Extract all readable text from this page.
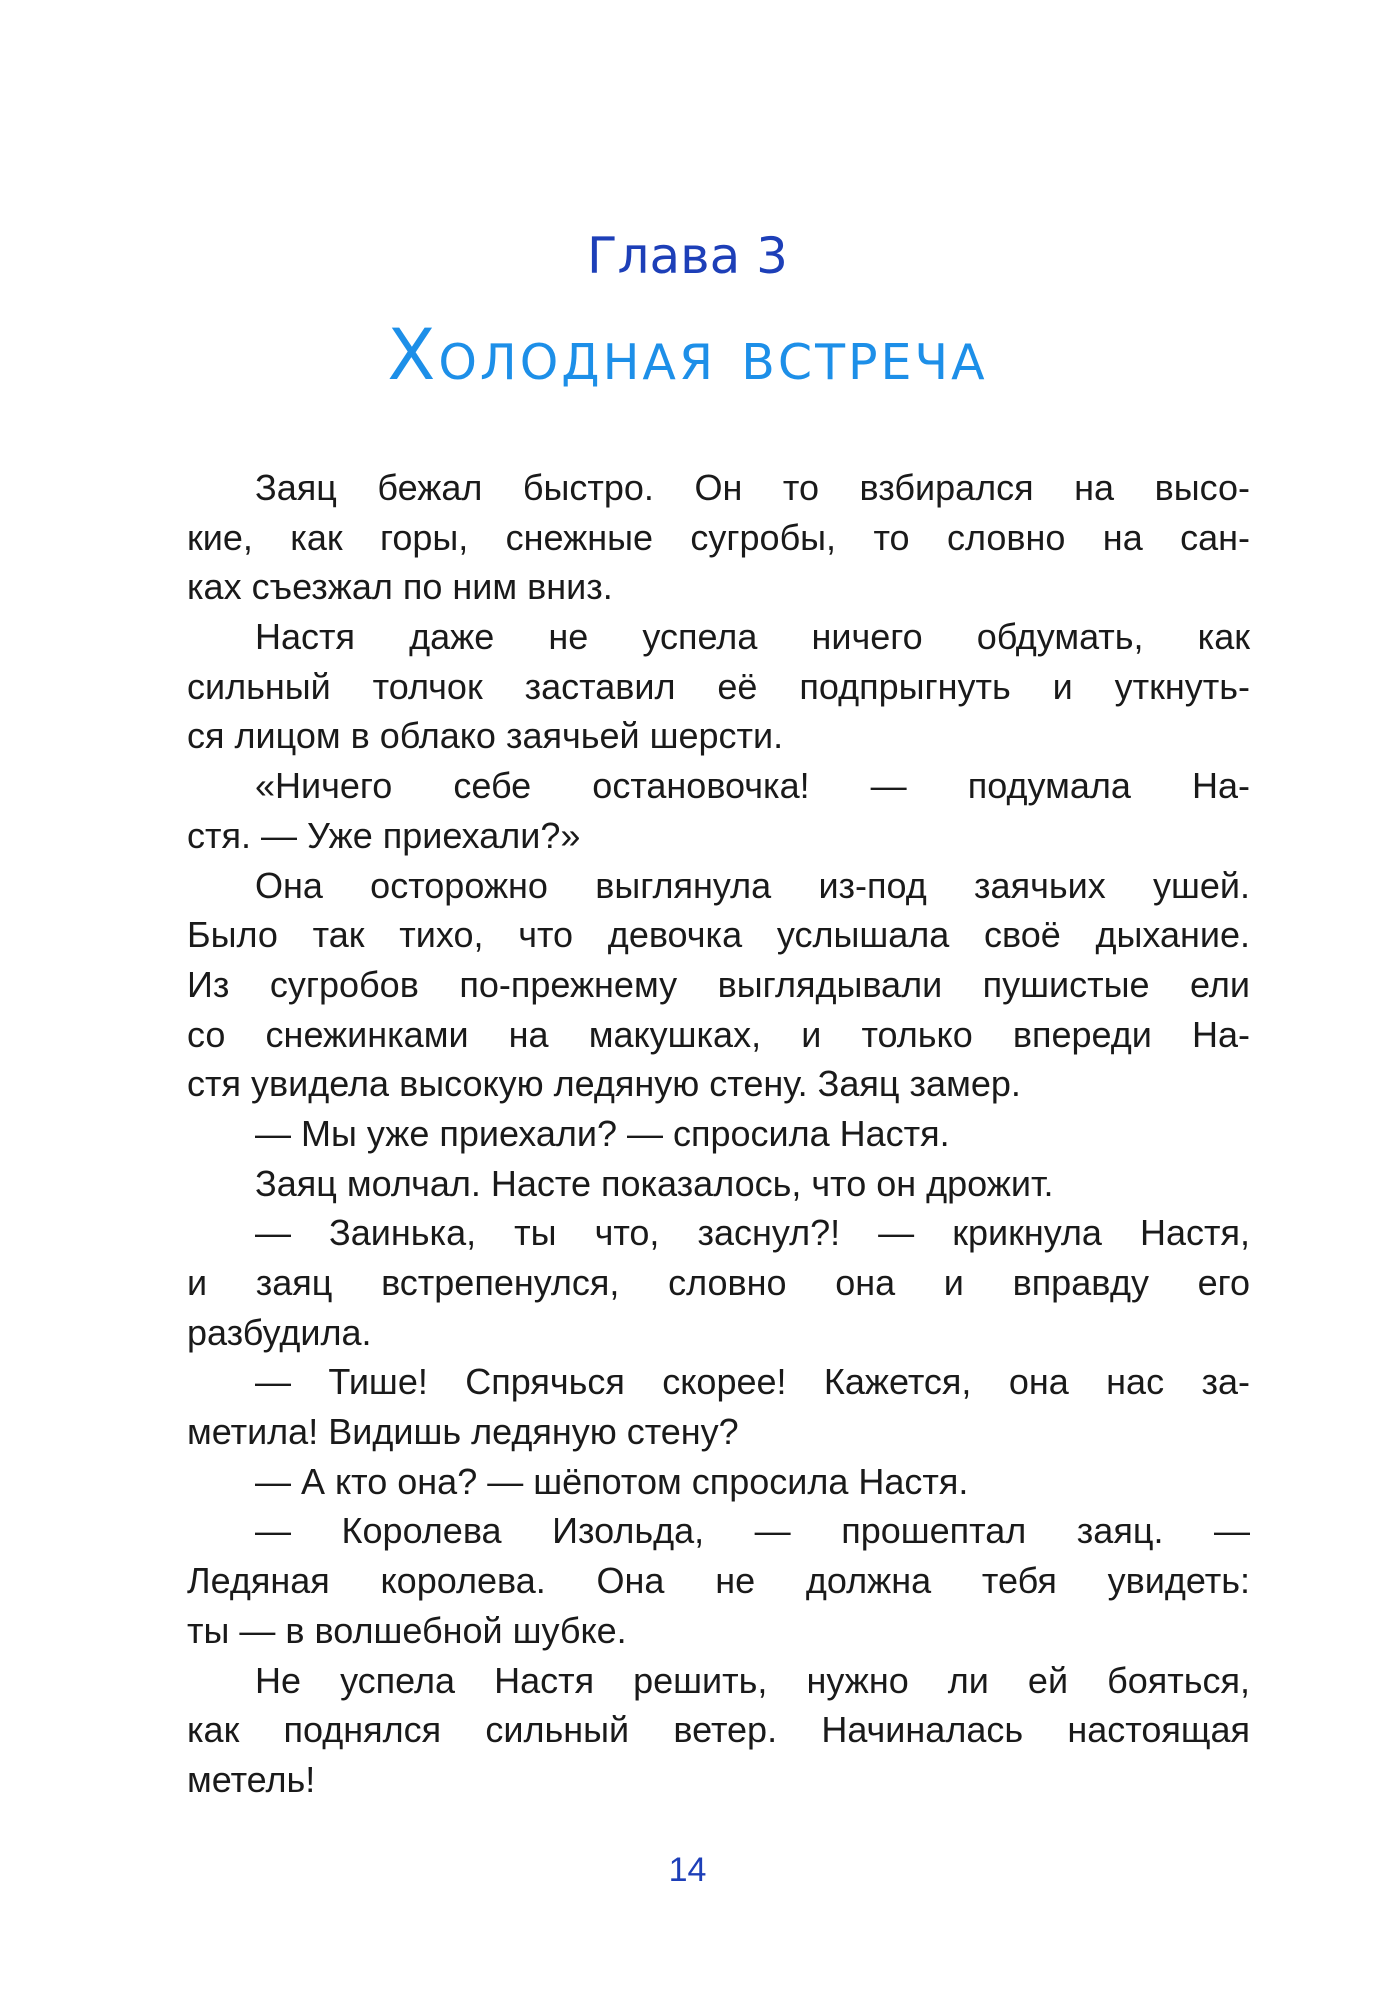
Глава 3
Холодная встреча
Заяц бежал быстро. Он то взбирался на высо-
кие, как горы, снежные сугробы, то словно на сан-
ках съезжал по ним вниз.
Настя даже не успела ничего обдумать, как
сильный толчок заставил её подпрыгнуть и уткнуть-
ся лицом в облако заячьей шерсти.
«Ничего себе остановочка! — подумала На-
стя. — Уже приехали?»
Она осторожно выглянула из-под заячьих ушей.
Было так тихо, что девочка услышала своё дыхание.
Из сугробов по-прежнему выглядывали пушистые ели
со снежинками на макушках, и только впереди На-
стя увидела высокую ледяную стену. Заяц замер.
— Мы уже приехали? — спросила Настя.
Заяц молчал. Насте показалось, что он дрожит.
— Заинька, ты что, заснул?! — крикнула Настя,
и заяц встрепенулся, словно она и вправду его
разбудила.
— Тише! Спрячься скорее! Кажется, она нас за-
метила! Видишь ледяную стену?
— А кто она? — шёпотом спросила Настя.
— Королева Изольда, — прошептал заяц. —
Ледяная королева. Она не должна тебя увидеть:
ты — в волшебной шубке.
Не успела Настя решить, нужно ли ей бояться,
как поднялся сильный ветер. Начиналась настоящая
метель!
14
